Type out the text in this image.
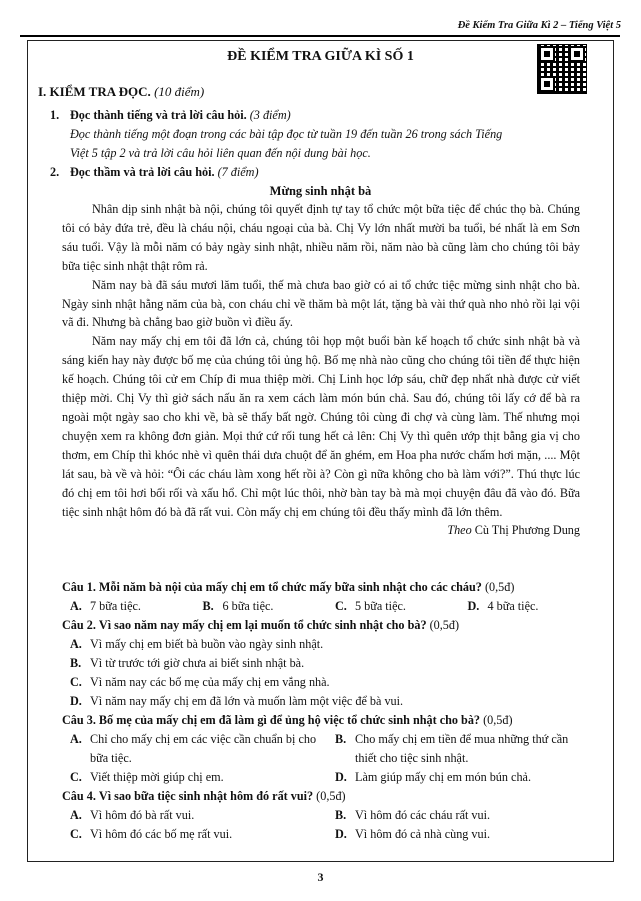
Đề Kiểm Tra Giữa Kì 2 – Tiếng Việt 5
ĐỀ KIỂM TRA GIỮA KÌ SỐ 1
I. KIỂM TRA ĐỌC. (10 điểm)
1. Đọc thành tiếng và trả lời câu hỏi. (3 điểm)
Đọc thành tiếng một đoạn trong các bài tập đọc từ tuần 19 đến tuần 26 trong sách Tiếng
Việt 5 tập 2 và trả lời câu hỏi liên quan đến nội dung bài học.
2. Đọc thầm và trả lời câu hỏi. (7 điểm)
Mừng sinh nhật bà

Nhân dịp sinh nhật bà nội, chúng tôi quyết định tự tay tổ chức một bữa tiệc để chúc thọ bà. Chúng tôi có bảy đứa trẻ, đều là cháu nội, cháu ngoại của bà. Chị Vy lớn nhất mười ba tuổi, bé nhất là em Sơn sáu tuổi. Vậy là mỗi năm có bảy ngày sinh nhật, nhiều năm rồi, năm nào bà cũng làm cho chúng tôi bảy bữa tiệc sinh nhật thật rôm rả.

Năm nay bà đã sáu mươi lăm tuổi, thế mà chưa bao giờ có ai tổ chức tiệc mừng sinh nhật cho bà. Ngày sinh nhật hằng năm của bà, con cháu chỉ về thăm bà một lát, tặng bà vài thứ quà nho nhỏ rồi lại vội vã đi. Nhưng bà chẳng bao giờ buồn vì điều ấy.

Năm nay mấy chị em tôi đã lớn cả, chúng tôi họp một buổi bàn kế hoạch tổ chức sinh nhật bà và sáng kiến hay này được bố mẹ của chúng tôi ủng hộ. Bố mẹ nhà nào cũng cho chúng tôi tiền để thực hiện kế hoạch. Chúng tôi cử em Chíp đi mua thiệp mời. Chị Linh học lớp sáu, chữ đẹp nhất nhà được cử viết thiệp mời. Chị Vy thì giở sách nấu ăn ra xem cách làm món bún chả. Sau đó, chúng tôi lấy cớ để bà ra ngoài một ngày sao cho khi về, bà sẽ thấy bất ngờ. Chúng tôi cùng đi chợ và cùng làm. Thế nhưng mọi chuyện xem ra không đơn giản. Mọi thứ cứ rối tung hết cả lên: Chị Vy thì quên ướp thịt bằng gia vị cho thơm, em Chíp thì khóc nhè vì quên thái dưa chuột để ăn ghém, em Hoa pha nước chấm hơi mặn, .... Một lát sau, bà về và hỏi: “Ôi các cháu làm xong hết rồi à? Còn gì nữa không cho bà làm với?”. Thú thực lúc đó chị em tôi hơi bối rối và xấu hổ. Chỉ một lúc thôi, nhờ bàn tay bà mà mọi chuyện đâu đã vào đó. Bữa tiệc sinh nhật hôm đó bà đã rất vui. Còn mấy chị em chúng tôi đều thấy mình đã lớn thêm.

Theo Cù Thị Phương Dung
Câu 1. Mỗi năm bà nội của mấy chị em tổ chức mấy bữa sinh nhật cho các cháu? (0,5đ)
A. 7 bữa tiệc.	B. 6 bữa tiệc.	C. 5 bữa tiệc.	D. 4 bữa tiệc.
Câu 2. Vì sao năm nay mấy chị em lại muốn tổ chức sinh nhật cho bà? (0,5đ)
A. Vì mấy chị em biết bà buồn vào ngày sinh nhật.
B. Vì từ trước tới giờ chưa ai biết sinh nhật bà.
C. Vì năm nay các bố mẹ của mấy chị em vắng nhà.
D. Vì năm nay mấy chị em đã lớn và muốn làm một việc để bà vui.
Câu 3. Bố mẹ của mấy chị em đã làm gì để ủng hộ việc tổ chức sinh nhật cho bà? (0,5đ)
A. Chỉ cho mấy chị em các việc cần chuẩn bị cho bữa tiệc.
B. Cho mấy chị em tiền để mua những thứ cần thiết cho tiệc sinh nhật.
C. Viết thiệp mời giúp chị em.	D. Làm giúp mấy chị em món bún chả.
Câu 4. Vì sao bữa tiệc sinh nhật hôm đó rất vui? (0,5đ)
A. Vì hôm đó bà rất vui.	B. Vì hôm đó các cháu rất vui.
C. Vì hôm đó các bố mẹ rất vui.	D. Vì hôm đó cả nhà cùng vui.
3
